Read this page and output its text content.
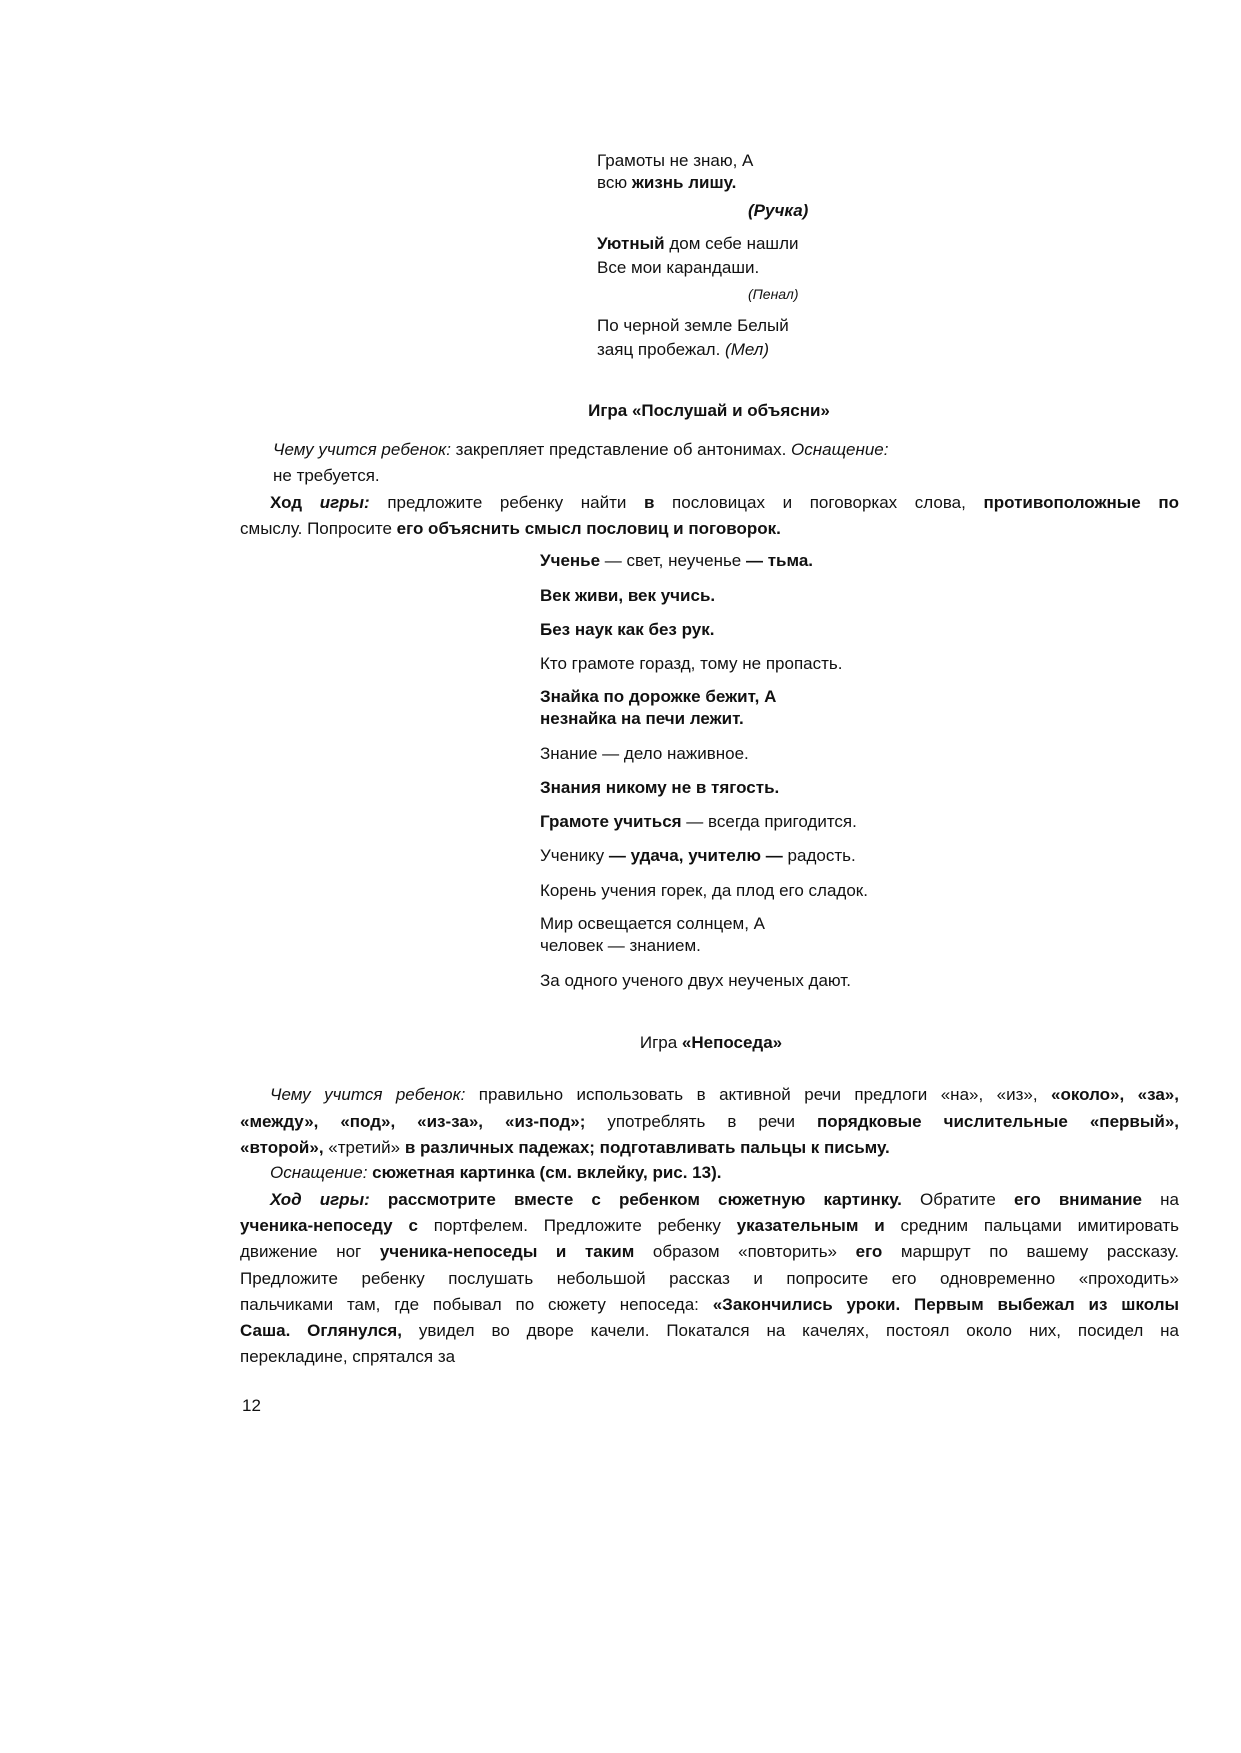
Грамоты не знаю, А
всю жизнь лишу.
(Ручка)
Уютный дом себе нашли
Все мои карандаши.
(Пенал)
По черной земле Белый
заяц пробежал. (Мел)
Игра «Послушай и объясни»
Чему учится ребенок: закрепляет представление об антонимах. Оснащение:
не требуется.
Ход игры: предложите ребенку найти в пословицах и поговорках слова, противоположные по
смыслу. Попросите его объяснить смысл пословиц и поговорок.
Ученье — свет, неученье — тьма.
Век живи, век учись.
Без наук как без рук.
Кто грамоте горазд, тому не пропасть.
Знайка по дорожке бежит, А
незнайка на печи лежит.
Знание — дело наживное.
Знания никому не в тягость.
Грамоте учиться — всегда пригодится.
Ученику — удача, учителю — радость.
Корень учения горек, да плод его сладок.
Мир освещается солнцем, А
человек — знанием.
За одного ученого двух неученых дают.
Игра «Непоседа»
Чему учится ребенок: правильно использовать в активной речи предлоги «на», «из», «около», «за»,
«между», «под», «из-за», «из-под»; употреблять в речи порядковые числительные «первый»,
«второй», «третий» в различных падежах; подготавливать пальцы к письму.
Оснащение: сюжетная картинка (см. вклейку, рис. 13).
Ход игры: рассмотрите вместе с ребенком сюжетную картинку. Обратите его внимание на
ученика-непоседу с портфелем. Предложите ребенку указательным и средним пальцами имитировать
движение ног ученика-непоседы и таким образом «повторить» его маршрут по вашему рассказу.
Предложите ребенку послушать небольшой рассказ и попросите его одновременно «проходить»
пальчиками там, где побывал по сюжету непоседа: «Закончились уроки. Первым выбежал из школы
Саша. Оглянулся, увидел во дворе качели. Покатался на качелях, постоял около них, посидел на
перекладине, спрятался за
12
